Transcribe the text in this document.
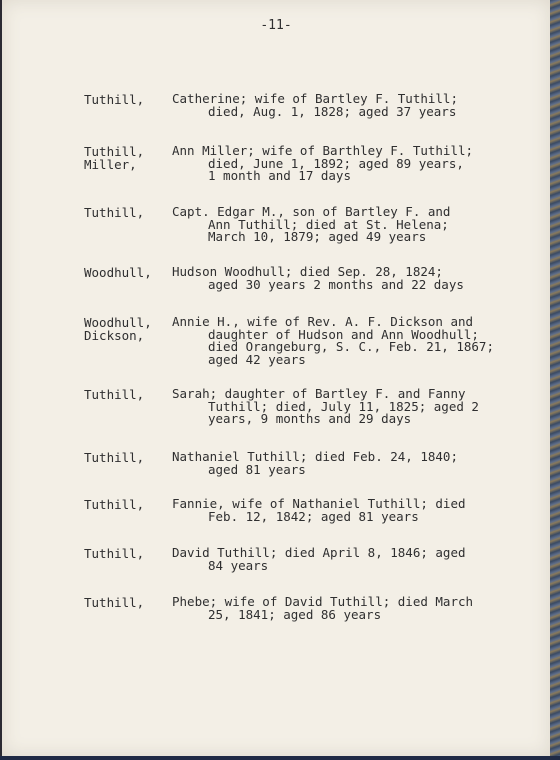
-11-
Tuthill, Catherine; wife of Bartley F. Tuthill;
died, Aug. 1, 1828; aged 37 years
Tuthill,
Miller,
Ann Miller; wife of Barthley F. Tuthill;
died, June 1, 1892; aged 89 years,
1 month and 17 days
Tuthill, Capt. Edgar M., son of Bartley F. and
Ann Tuthill; died at St. Helena;
March 10, 1879; aged 49 years
Woodhull, Hudson Woodhull; died Sep. 28, 1824;
aged 30 years 2 months and 22 days
Woodhull,
Dickson,
Annie H., wife of Rev. A. F. Dickson and
daughter of Hudson and Ann Woodhull;
died Orangeburg, S. C., Feb. 21, 1867;
aged 42 years
Tuthill, Sarah; daughter of Bartley F. and Fanny
Tuthill; died, July 11, 1825; aged 2
years, 9 months and 29 days
Tuthill, Nathaniel Tuthill; died Feb. 24, 1840;
aged 81 years
Tuthill, Fannie, wife of Nathaniel Tuthill; died
Feb. 12, 1842; aged 81 years
Tuthill, David Tuthill; died April 8, 1846; aged
84 years
Tuthill, Phebe; wife of David Tuthill; died March
25, 1841; aged 86 years
